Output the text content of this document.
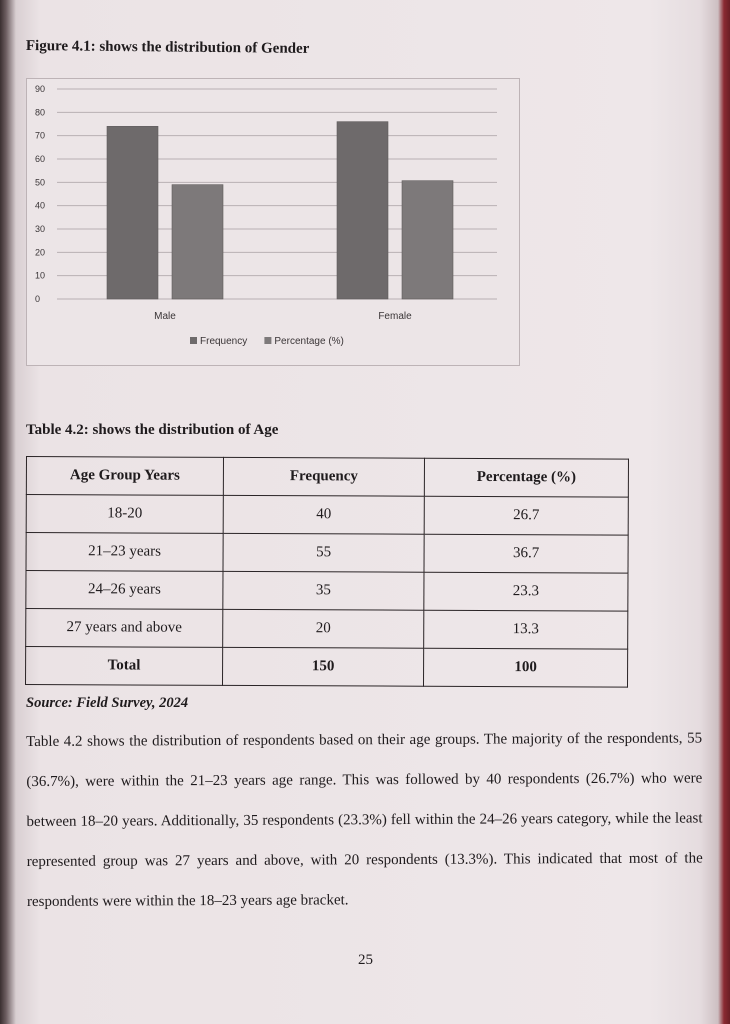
Figure 4.1: shows the distribution of Gender
0
10
20
30
40
50
60
70
80
90
Male	Female
Frequency	Percentage (%)
Table 4.2: shows the distribution of Age
Age Group Years	Frequency	Percentage (%)
18-20	40	26.7
21–23 years	55	36.7
24–26 years	35	23.3
27 years and above	20	13.3
Total	150	100
Source: Field Survey, 2024
Table 4.2 shows the distribution of respondents based on their age groups. The majority of the respondents, 55 (36.7%), were within the 21–23 years age range. This was followed by 40 respondents (26.7%) who were between 18–20 years. Additionally, 35 respondents (23.3%) fell within the 24–26 years category, while the least represented group was 27 years and above, with 20 respondents (13.3%). This indicated that most of the respondents were within the 18–23 years age bracket.
25
